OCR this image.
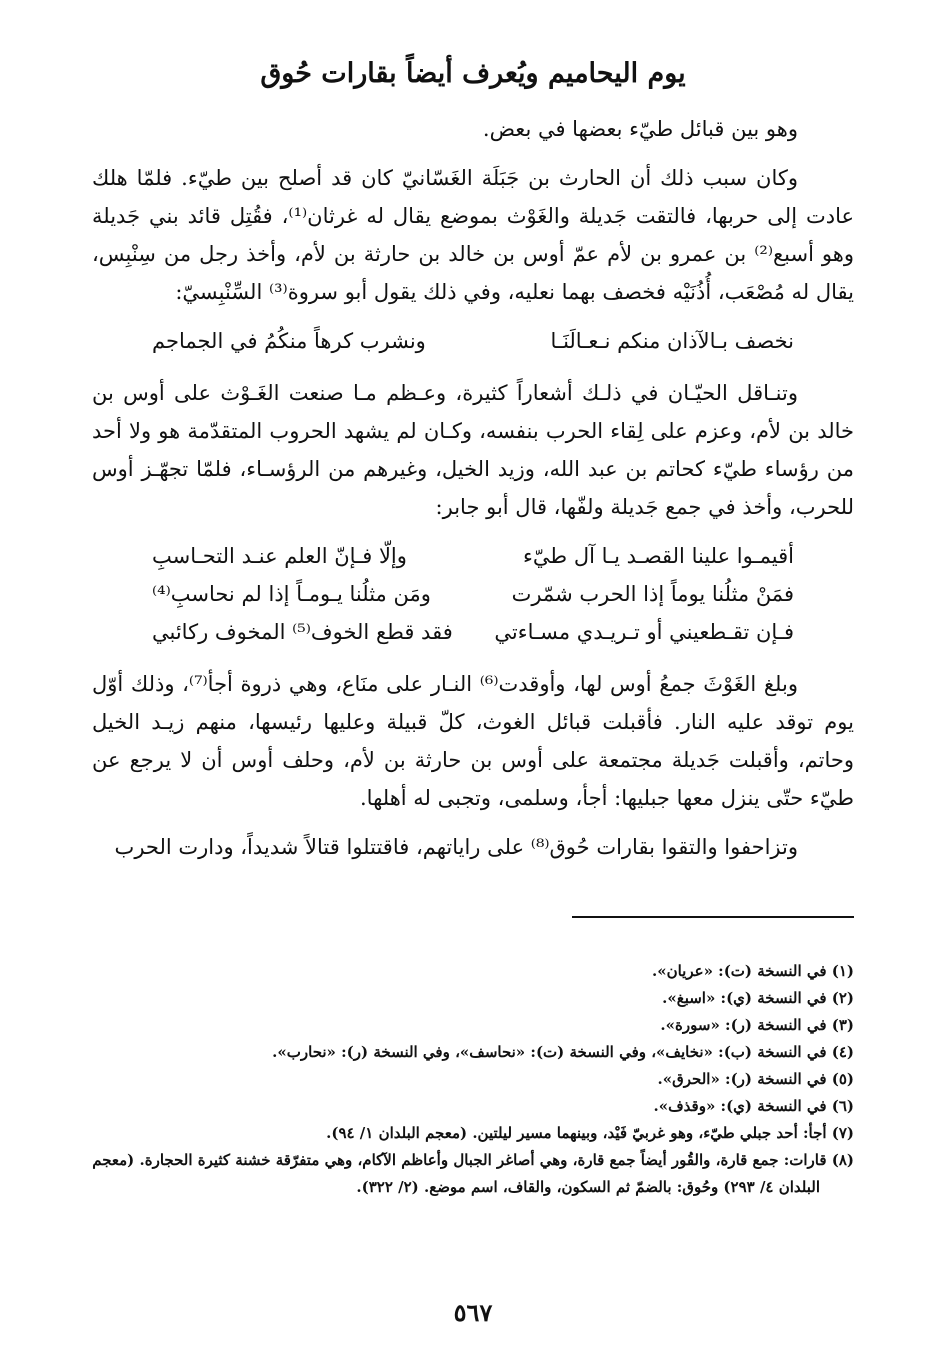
يوم اليحاميم ويُعرف أيضاً بقارات حُوق

وهو بين قبائل طيّء بعضها في بعض.

وكان سبب ذلك أن الحارث بن جَبَلَة الغَسّانيّ كان قد أصلح بين طيّء. فلمّا هلك عادت إلى حربها، فالتقت جَديلة والغَوْث بموضع يقال له غرثان⁽¹⁾، فقُتِل قائد بني جَديلة وهو أسبع⁽²⁾ بن عمرو بن لأم عمّ أوس بن خالد بن حارثة بن لأم، وأخذ رجل من سِنْبِس، يقال له مُصْعَب، أُذُنَيْه فخصف بهما نعليه، وفي ذلك يقول أبو سروة⁽³⁾ السِّنْبِسيّ:

نخصف بـالآذان منكم نـعـالَنَـا
ونشرب كرهاً منكُمُ في الجماجم

وتنـاقل الحيّـان في ذلـك أشعاراً كثيرة، وعـظم مـا صنعت الغَـوْث على أوس بن خالد بن لأم، وعزم على لِقاء الحرب بنفسه، وكـان لم يشهد الحروب المتقدّمة هو ولا أحد من رؤساء طيّء كحاتم بن عبد الله، وزيد الخيل، وغيرهم من الرؤسـاء، فلمّا تجهّـز أوس للحرب، وأخذ في جمع جَديلة ولفّها، قال أبو جابر:

أقيمـوا علينا القصـد يـا آل طيّء
وإلّا فـإنّ العلم عنـد التحـاسبِ
فمَنْ مثلُنا يوماً إذا الحرب شمّرت
ومَن مثلُنا يـومـاً إذا لم نحاسبِ⁽⁴⁾
فـإن تقـطعيني أو تـريـدي مسـاءتي
فقد قطع الخوف⁽⁵⁾ المخوف ركائبي

وبلغ الغَوْثَ جمعُ أوس لها، وأوقدت⁽⁶⁾ النـار على منَاع، وهي ذروة أجأ⁽⁷⁾، وذلك أوّل يوم توقد عليه النار. فأقبلت قبائل الغوث، كلّ قبيلة وعليها رئيسها، منهم زيـد الخيل وحاتم، وأقبلت جَديلة مجتمعة على أوس بن حارثة بن لأم، وحلف أوس أن لا يرجع عن طيّء حتّى ينزل معها جبليها: أجأ، وسلمى، وتجبى له أهلها.

وتزاحفوا والتقوا بقارات حُوق⁽⁸⁾ على راياتهم، فاقتتلوا قتالاً شديداً، ودارت الحرب

(١) في النسخة (ت): «عريان».

(٢) في النسخة (ي): «اسبغ».

(٣) في النسخة (ر): «سورة».

(٤) في النسخة (ب): «نخايف»، وفي النسخة (ت): «نحاسف»، وفي النسخة (ر): «نحارب».

(٥) في النسخة (ر): «الحرق».

(٦) في النسخة (ي): «وقذف».

(٧) أجأ: أحد جبلي طيّء، وهو غربيّ فَيْد، وبينهما مسير ليلتين. (معجم البلدان ١/ ٩٤).

(٨) قارات: جمع قارة، والقُور أيضاً جمع قارة، وهي أصاغر الجبال وأعاظم الآكام، وهي متفرّقة خشنة كثيرة الحجارة. (معجم البلدان ٤/ ٢٩٣) وحُوق: بالضمّ ثم السكون، والقاف، اسم موضع. (٢/ ٣٢٢).

٥٦٧
